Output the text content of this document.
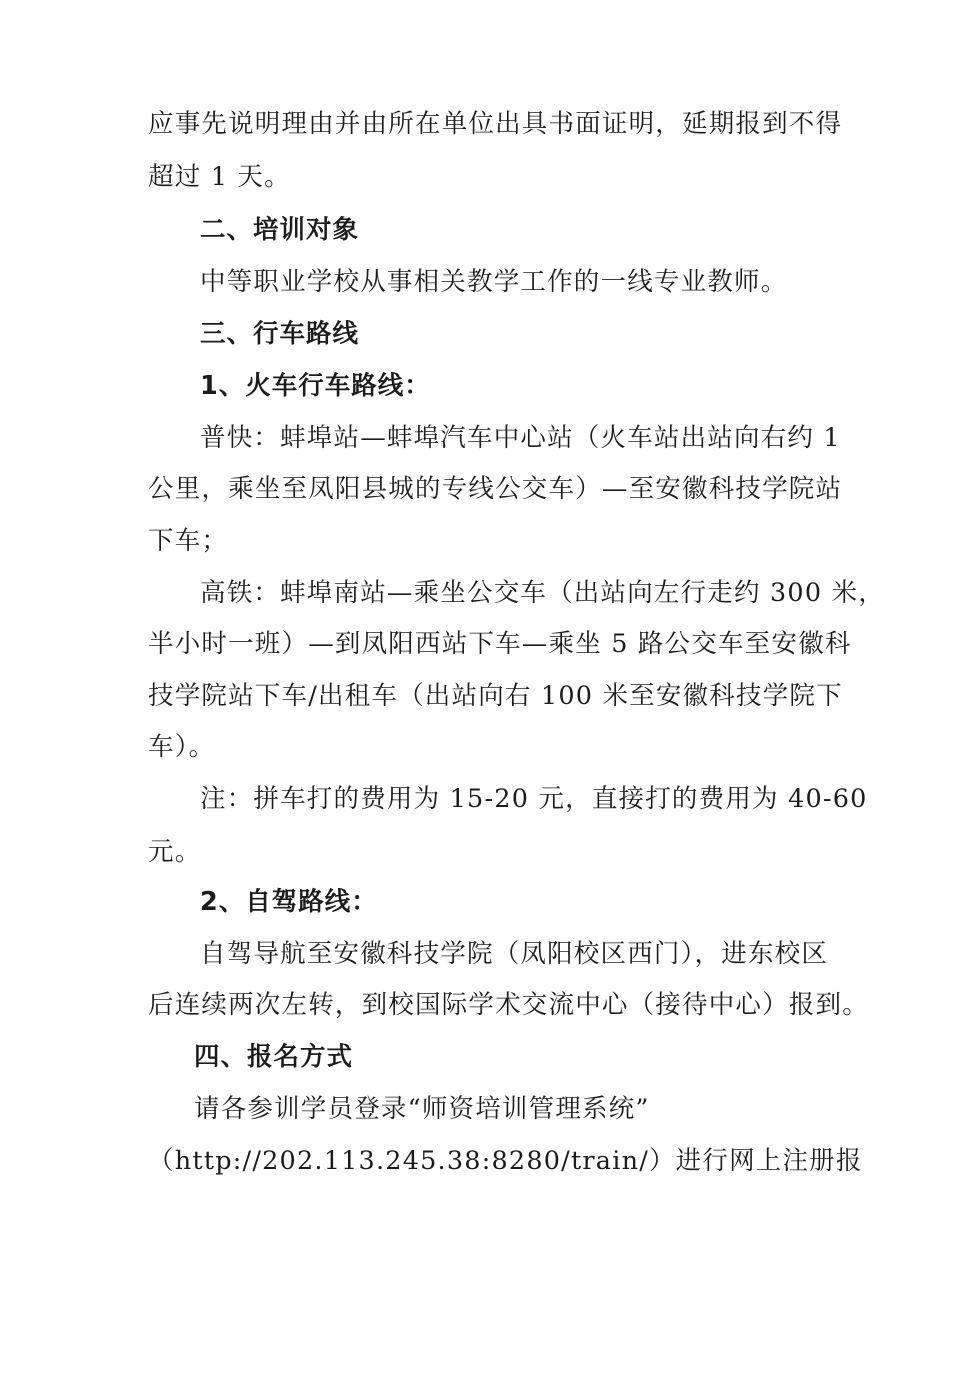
应事先说明理由并由所在单位出具书面证明，延期报到不得
超过 1 天。
二、培训对象
中等职业学校从事相关教学工作的一线专业教师。
三、行车路线
1、火车行车路线：
普快：蚌埠站—蚌埠汽车中心站（火车站出站向右约 1
公里，乘坐至凤阳县城的专线公交车）—至安徽科技学院站
下车；
高铁：蚌埠南站—乘坐公交车（出站向左行走约 300 米，
半小时一班）—到凤阳西站下车—乘坐 5 路公交车至安徽科
技学院站下车/出租车（出站向右 100 米至安徽科技学院下
车）。
注：拼车打的费用为 15-20 元，直接打的费用为 40-60
元。
2、自驾路线：
自驾导航至安徽科技学院（凤阳校区西门），进东校区
后连续两次左转，到校国际学术交流中心（接待中心）报到。
四、报名方式
请各参训学员登录“师资培训管理系统”
（http://202.113.245.38:8280/train/）进行网上注册报
